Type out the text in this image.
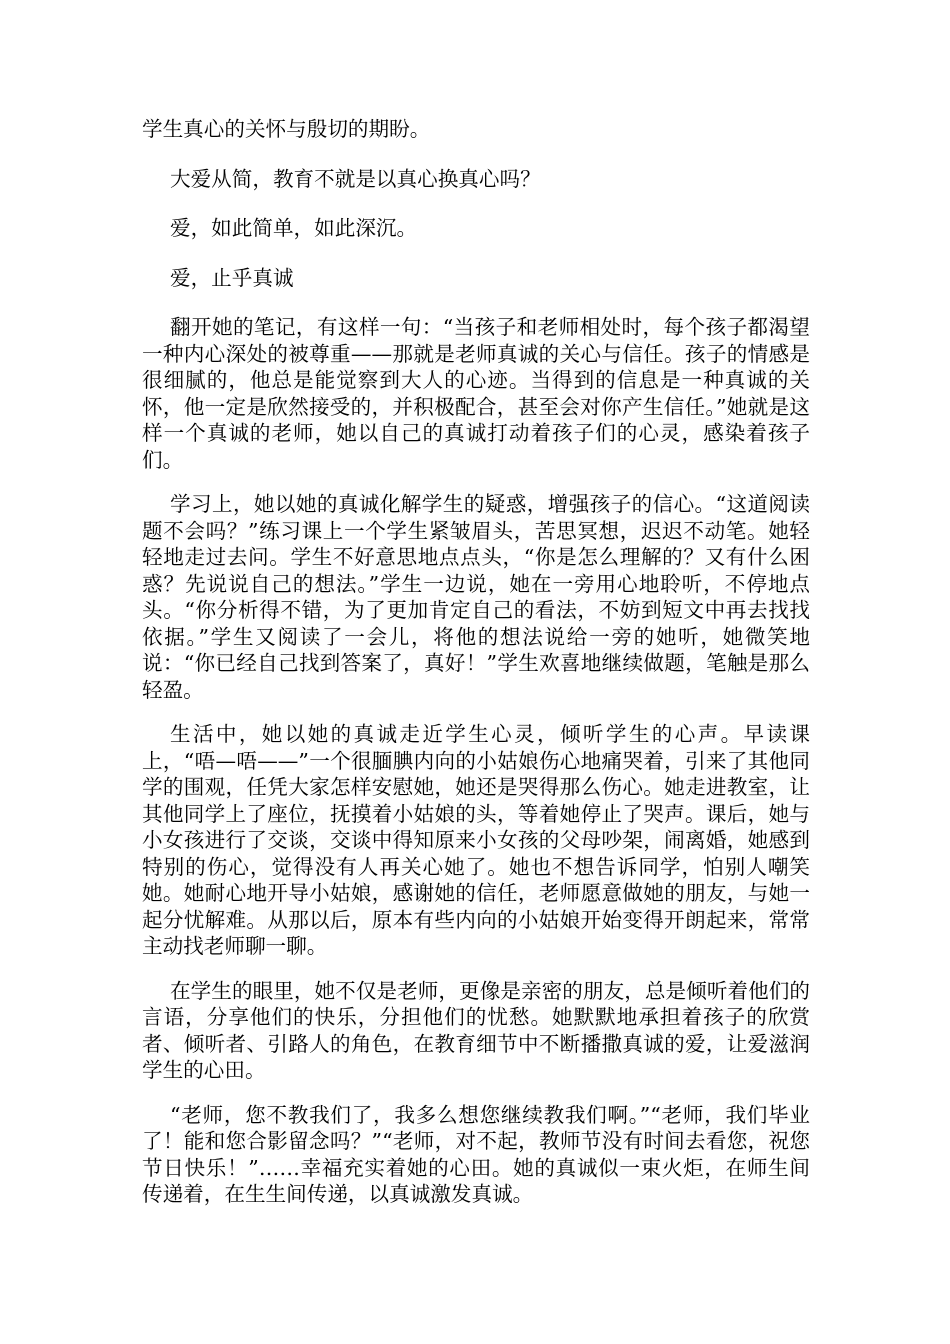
学生真心的关怀与殷切的期盼。

大爱从简，教育不就是以真心换真心吗？

爱，如此简单，如此深沉。

爱，止乎真诚

翻开她的笔记，有这样一句：“当孩子和老师相处时，每个孩子都渴望一种内心深处的被尊重——那就是老师真诚的关心与信任。孩子的情感是很细腻的，他总是能觉察到大人的心迹。当得到的信息是一种真诚的关怀，他一定是欣然接受的，并积极配合，甚至会对你产生信任。”她就是这样一个真诚的老师，她以自己的真诚打动着孩子们的心灵，感染着孩子们。

学习上，她以她的真诚化解学生的疑惑，增强孩子的信心。“这道阅读题不会吗？”练习课上一个学生紧皱眉头，苦思冥想，迟迟不动笔。她轻轻地走过去问。学生不好意思地点点头，“你是怎么理解的？又有什么困惑？先说说自己的想法。”学生一边说，她在一旁用心地聆听，不停地点头。“你分析得不错，为了更加肯定自己的看法，不妨到短文中再去找找依据。”学生又阅读了一会儿，将他的想法说给一旁的她听，她微笑地说：“你已经自己找到答案了，真好！”学生欢喜地继续做题，笔触是那么轻盈。

生活中，她以她的真诚走近学生心灵，倾听学生的心声。早读课上，“唔—唔——”一个很腼腆内向的小姑娘伤心地痛哭着，引来了其他同学的围观，任凭大家怎样安慰她，她还是哭得那么伤心。她走进教室，让其他同学上了座位，抚摸着小姑娘的头，等着她停止了哭声。课后，她与小女孩进行了交谈，交谈中得知原来小女孩的父母吵架，闹离婚，她感到特别的伤心，觉得没有人再关心她了。她也不想告诉同学，怕别人嘲笑她。她耐心地开导小姑娘，感谢她的信任，老师愿意做她的朋友，与她一起分忧解难。从那以后，原本有些内向的小姑娘开始变得开朗起来，常常主动找老师聊一聊。

在学生的眼里，她不仅是老师，更像是亲密的朋友，总是倾听着他们的言语，分享他们的快乐，分担他们的忧愁。她默默地承担着孩子的欣赏者、倾听者、引路人的角色，在教育细节中不断播撒真诚的爱，让爱滋润学生的心田。

“老师，您不教我们了，我多么想您继续教我们啊。”“老师，我们毕业了！能和您合影留念吗？”“老师，对不起，教师节没有时间去看您，祝您节日快乐！”……幸福充实着她的心田。她的真诚似一束火炬，在师生间传递着，在生生间传递，以真诚激发真诚。
